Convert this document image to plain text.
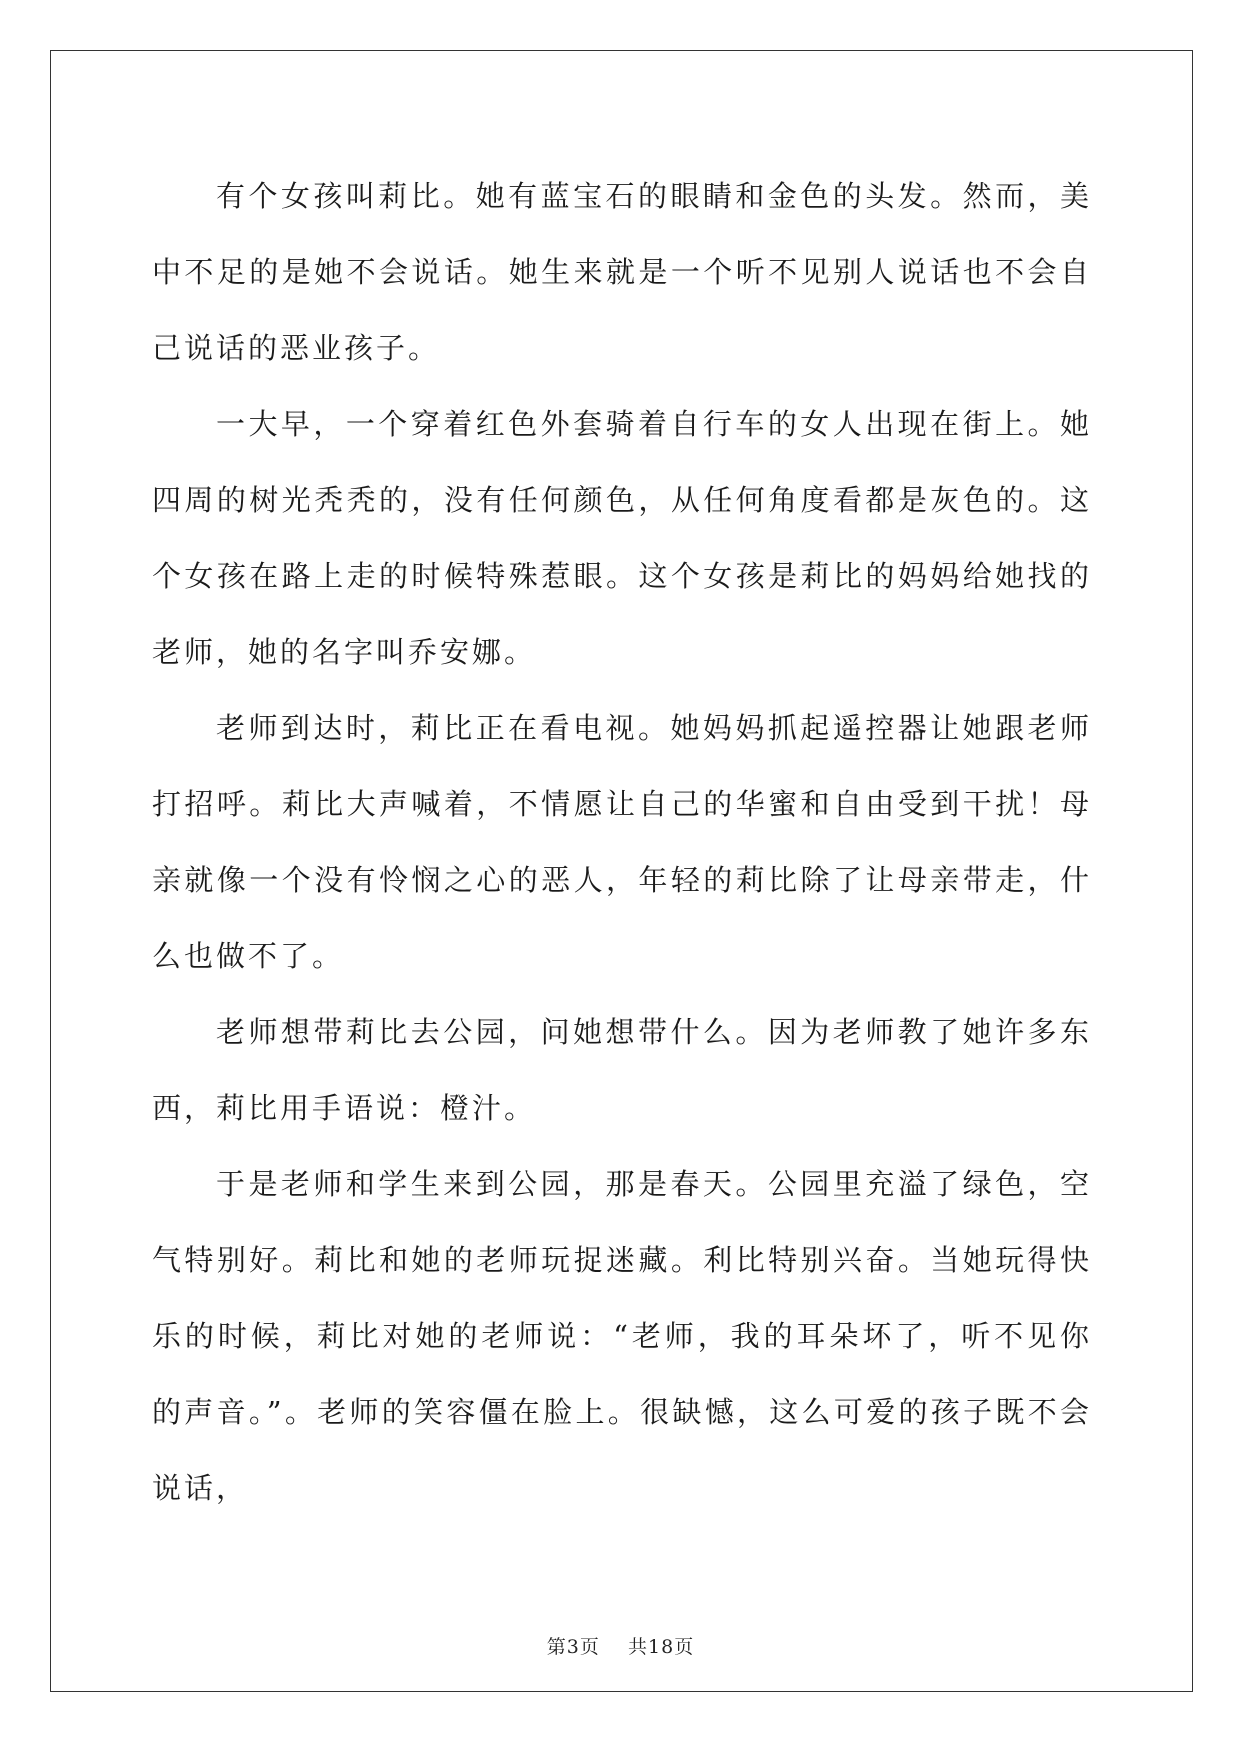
有个女孩叫莉比。她有蓝宝石的眼睛和金色的头发。然而，美中不足的是她不会说话。她生来就是一个听不见别人说话也不会自己说话的恶业孩子。

一大早，一个穿着红色外套骑着自行车的女人出现在街上。她四周的树光秃秃的，没有任何颜色，从任何角度看都是灰色的。这个女孩在路上走的时候特殊惹眼。这个女孩是莉比的妈妈给她找的老师，她的名字叫乔安娜。

老师到达时，莉比正在看电视。她妈妈抓起遥控器让她跟老师打招呼。莉比大声喊着，不情愿让自己的华蜜和自由受到干扰！母亲就像一个没有怜悯之心的恶人，年轻的莉比除了让母亲带走，什么也做不了。

老师想带莉比去公园，问她想带什么。因为老师教了她许多东西，莉比用手语说：橙汁。

于是老师和学生来到公园，那是春天。公园里充溢了绿色，空气特别好。莉比和她的老师玩捉迷藏。利比特别兴奋。当她玩得快乐的时候，莉比对她的老师说：“老师，我的耳朵坏了，听不见你的声音。”。老师的笑容僵在脸上。很缺憾，这么可爱的孩子既不会说话，

第3页 共18页
